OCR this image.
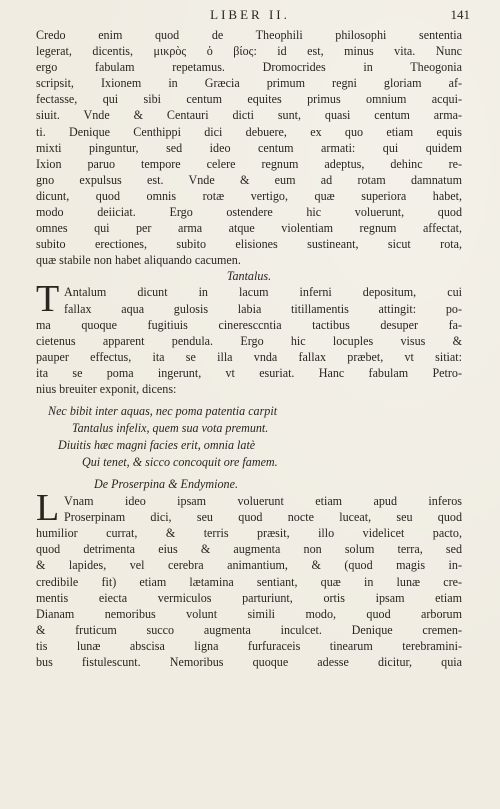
LIBER II.	141
Credo enim quod de Theophili philosophi sententia
legerat, dicentis, μικρὸς ὁ βίος: id est, minus vita. Nunc
ergo fabulam repetamus. Dromocrides in Theogonia
scripsit, Ixionem in Græcia primum regni gloriam af-
fectasse, qui sibi centum equites primus omnium acqui-
siuit. Vnde & Centauri dicti sunt, quasi centum arma-
ti. Denique Centhippi dici debuere, ex quo etiam equis
mixti pinguntur, sed ideo centum armati: qui quidem
Ixion paruo tempore celere regnum adeptus, dehinc re-
gno expulsus est. Vnde & eum ad rotam damnatum
dicunt, quod omnis rotæ vertigo, quæ superiora habet,
modo deiiciat. Ergo ostendere hic voluerunt, quod
omnes qui per arma atque violentiam regnum affectat,
subito erectiones, subito elisiones sustineant, sicut rota,
quæ stabile non habet aliquando cacumen.
Tantalus.
T Antalum dicunt in lacum inferni depositum, cui
fallax aqua gulosis labia titillamentis attingit: po-
ma quoque fugitiuis cineresccntia tactibus desuper fa-
cietenus apparent pendula. Ergo hic locuples visus &
pauper effectus, ita se illa vnda fallax præbet, vt sitiat:
ita se poma ingerunt, vt esuriat. Hanc fabulam Petro-
nius breuiter exponit, dicens:
Nec bibit inter aquas, nec poma patentia carpit
Tantalus infelix, quem sua vota premunt.
Diuitis hæc magni facies erit, omnia latè
Qui tenet, & sicco concoquit ore famem.
De Proserpina & Endymione.
L Vnam ideo ipsam voluerunt etiam apud inferos
Proserpinam dici, seu quod nocte luceat, seu quod
humilior currat, & terris præsit, illo videlicet pacto,
quod detrimenta eius & augmenta non solum terra, sed
& lapides, vel cerebra animantium, & (quod magis in-
credibile fit) etiam lætamina sentiant, quæ in lunæ cre-
mentis eiecta vermiculos parturiunt, ortis ipsam etiam
Dianam nemoribus volunt simili modo, quod arborum
& fruticum succo augmenta inculcet. Denique cremen-
tis lunæ abscisa ligna furfuraceis tinearum terebramini-
bus fistulescunt. Nemoribus quoque adesse dicitur, quia
